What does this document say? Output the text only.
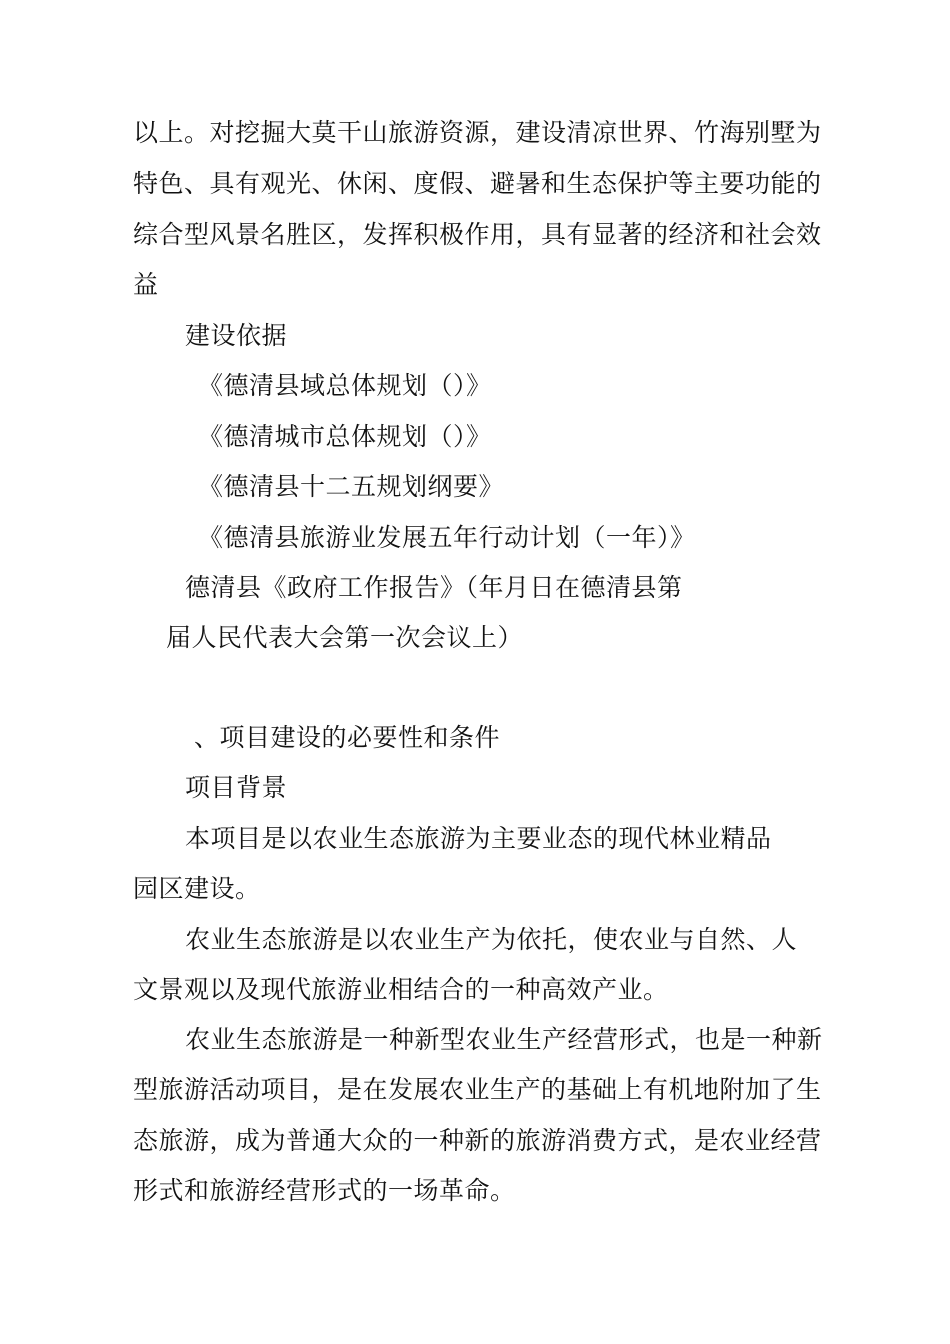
以上。对挖掘大莫干山旅游资源，建设清凉世界、竹海别墅为
特色、具有观光、休闲、度假、避暑和生态保护等主要功能的
综合型风景名胜区，发挥积极作用，具有显著的经济和社会效
益
建设依据
《德清县域总体规划（）》
《德清城市总体规划（）》
《德清县十二五规划纲要》
《德清县旅游业发展五年行动计划（一年）》
德清县《政府工作报告》（年月日在德清县第
届人民代表大会第一次会议上）
、项目建设的必要性和条件
项目背景
本项目是以农业生态旅游为主要业态的现代林业精品
园区建设。
农业生态旅游是以农业生产为依托，使农业与自然、人
文景观以及现代旅游业相结合的一种高效产业。
农业生态旅游是一种新型农业生产经营形式，也是一种新
型旅游活动项目，是在发展农业生产的基础上有机地附加了生
态旅游，成为普通大众的一种新的旅游消费方式，是农业经营
形式和旅游经营形式的一场革命。
